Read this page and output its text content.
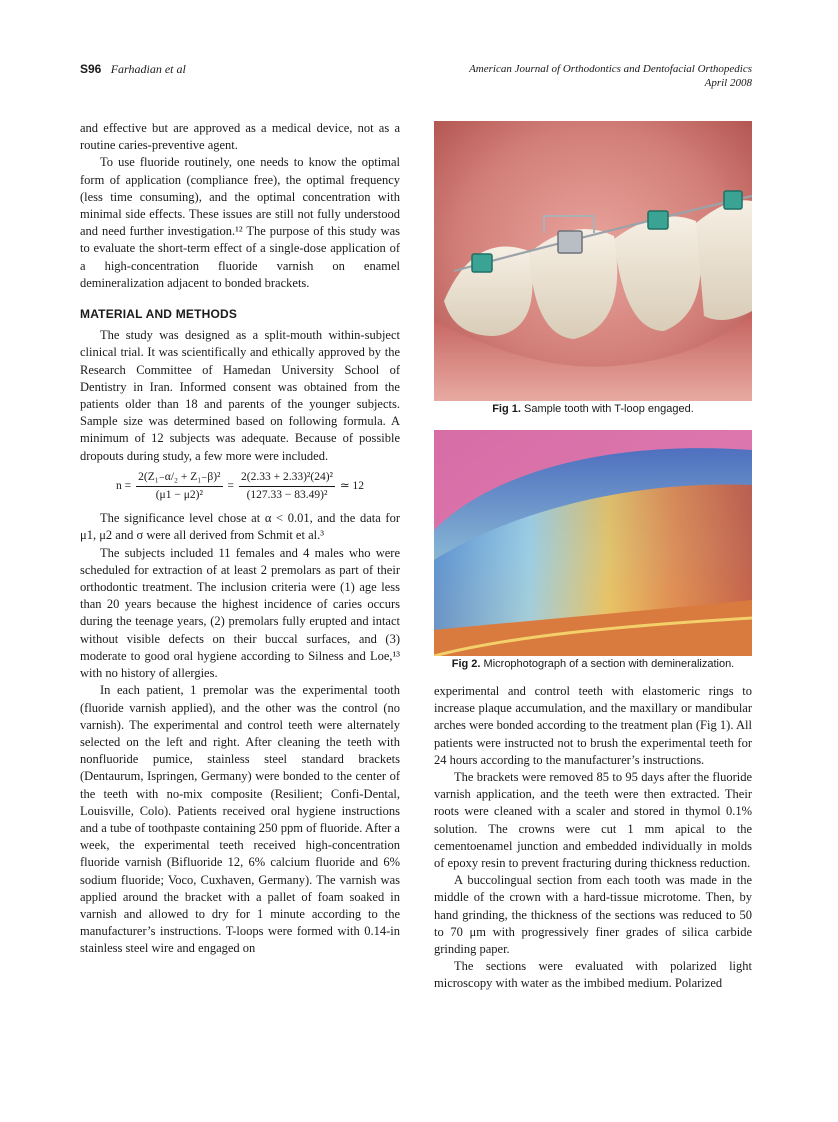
S96 Farhadian et al	American Journal of Orthodontics and Dentofacial Orthopedics
April 2008

and effective but are approved as a medical device, not as a routine caries-preventive agent.

To use fluoride routinely, one needs to know the optimal form of application (compliance free), the optimal frequency (less time consuming), and the optimal concentration with minimal side effects. These issues are still not fully understood and need further investigation.¹² The purpose of this study was to evaluate the short-term effect of a single-dose application of a high-concentration fluoride varnish on enamel demineralization adjacent to bonded brackets.

MATERIAL AND METHODS

The study was designed as a split-mouth within-subject clinical trial. It was scientifically and ethically approved by the Research Committee of Hamedan University School of Dentistry in Iran. Informed consent was obtained from the patients older than 18 and parents of the younger subjects. Sample size was determined based on following formula. A minimum of 12 subjects was adequate. Because of possible dropouts during study, a few more were included.

$n = \frac{\text{2(Z₁₋α/₂ + Z₁₋β)²}}{\text{(μ1 − μ2)²}} = \frac{\text{2(2.33 + 2.33)²(24)²}}{\text{(127.33 − 83.49)²}}$ ≃ 12

The significance level chose at α < 0.01, and the data for μ1, μ2 and σ were all derived from Schmit et al.³

The subjects included 11 females and 4 males who were scheduled for extraction of at least 2 premolars as part of their orthodontic treatment. The inclusion criteria were (1) age less than 20 years because the highest incidence of caries occurs during the teenage years, (2) premolars fully erupted and intact without visible defects on their buccal surfaces, and (3) moderate to good oral hygiene according to Silness and Loe,¹³ with no history of allergies.

In each patient, 1 premolar was the experimental tooth (fluoride varnish applied), and the other was the control (no varnish). The experimental and control teeth were alternately selected on the left and right. After cleaning the teeth with nonfluoride pumice, stainless steel standard brackets (Dentaurum, Ispringen, Germany) were bonded to the center of the teeth with no-mix composite (Resilient; Confi-Dental, Louisville, Colo). Patients received oral hygiene instructions and a tube of toothpaste containing 250 ppm of fluoride. After a week, the experimental teeth received high-concentration fluoride varnish (Bifluoride 12, 6% calcium fluoride and 6% sodium fluoride; Voco, Cuxhaven, Germany). The varnish was applied around the bracket with a pallet of foam soaked in varnish and allowed to dry for 1 minute according to the manufacturer’s instructions. T-loops were formed with 0.14-in stainless steel wire and engaged on

Fig 1. Sample tooth with T-loop engaged.
Fig 2. Microphotograph of a section with demineralization.

experimental and control teeth with elastomeric rings to increase plaque accumulation, and the maxillary or mandibular arches were bonded according to the treatment plan (Fig 1). All patients were instructed not to brush the experimental teeth for 24 hours according to the manufacturer’s instructions.

The brackets were removed 85 to 95 days after the fluoride varnish application, and the teeth were then extracted. Their roots were cleaned with a scaler and stored in thymol 0.1% solution. The crowns were cut 1 mm apical to the cementoenamel junction and embedded individually in molds of epoxy resin to prevent fracturing during thickness reduction.

A buccolingual section from each tooth was made in the middle of the crown with a hard-tissue microtome. Then, by hand grinding, the thickness of the sections was reduced to 50 to 70 μm with progressively finer grades of silica carbide grinding paper.

The sections were evaluated with polarized light microscopy with water as the imbibed medium. Polarized
